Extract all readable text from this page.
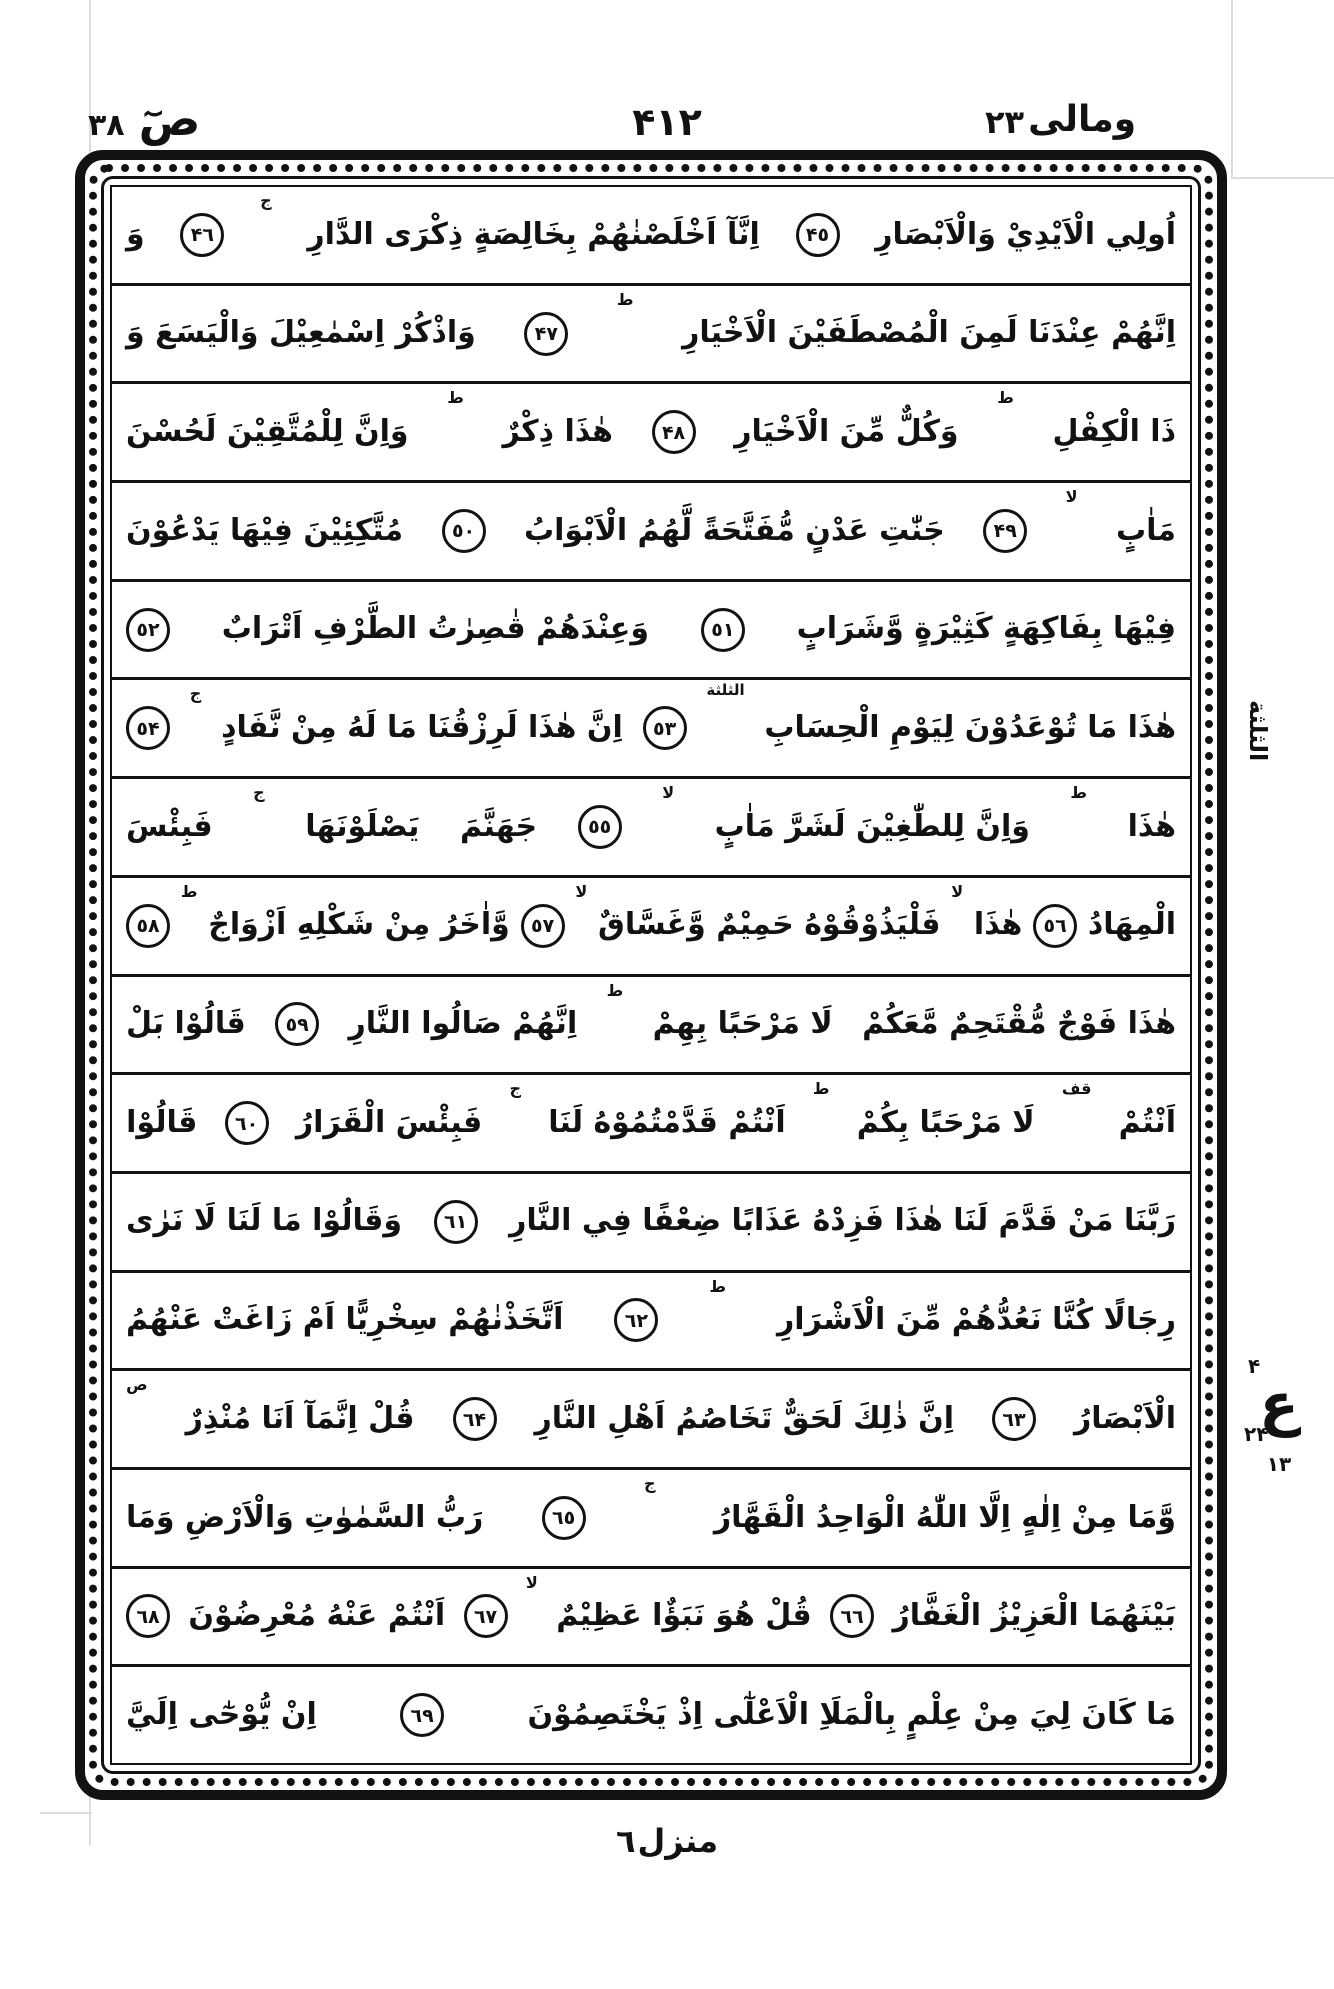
صٓ
٣٨	۴١٢	ومالى
٢٣
اُولِي الْاَيْدِيْ وَالْاَبْصَارِ
۴٥
اِنَّآ اَخْلَصْنٰهُمْ بِخَالِصَةٍ ذِكْرَى الدَّارِ
ج
۴٦
وَ
اِنَّهُمْ عِنْدَنَا لَمِنَ الْمُصْطَفَيْنَ الْاَخْيَارِ
ط
۴٧
وَاذْكُرْ اِسْمٰعِيْلَ وَالْيَسَعَ وَ
ذَا الْكِفْلِ
ط
وَكُلٌّ مِّنَ الْاَخْيَارِ
۴٨
هٰذَا ذِكْرٌ
ط
وَاِنَّ لِلْمُتَّقِيْنَ لَحُسْنَ
مَاٰبٍ
لا
۴٩
جَنّٰتِ عَدْنٍ مُّفَتَّحَةً لَّهُمُ الْاَبْوَابُ
٥٠
مُتَّكِئِيْنَ فِيْهَا يَدْعُوْنَ
فِيْهَا بِفَاكِهَةٍ كَثِيْرَةٍ وَّشَرَابٍ
٥١
وَعِنْدَهُمْ قٰصِرٰتُ الطَّرْفِ اَتْرَابٌ
٥٢
هٰذَا مَا تُوْعَدُوْنَ لِيَوْمِ الْحِسَابِ
الثلثة
٥٣
اِنَّ هٰذَا لَرِزْقُنَا مَا لَهُ مِنْ نَّفَادٍ
ج
٥۴
هٰذَا
ط
وَاِنَّ لِلطّٰغِيْنَ لَشَرَّ مَاٰبٍ
لا
٥٥
جَهَنَّمَ
يَصْلَوْنَهَا
ج
فَبِئْسَ
الْمِهَادُ
٥٦
هٰذَا
لا
فَلْيَذُوْقُوْهُ حَمِيْمٌ وَّغَسَّاقٌ
لا
٥٧
وَّاٰخَرُ مِنْ شَكْلِهِ اَزْوَاجٌ
ط
٥٨
هٰذَا فَوْجٌ مُّقْتَحِمٌ مَّعَكُمْ
لَا مَرْحَبًا بِهِمْ
ط
اِنَّهُمْ صَالُوا النَّارِ
٥٩
قَالُوْا بَلْ
اَنْتُمْ
قف
لَا مَرْحَبًا بِكُمْ
ط
اَنْتُمْ قَدَّمْتُمُوْهُ لَنَا
ج
فَبِئْسَ الْقَرَارُ
٦٠
قَالُوْا
رَبَّنَا مَنْ قَدَّمَ لَنَا هٰذَا فَزِدْهُ عَذَابًا ضِعْفًا فِي النَّارِ
٦١
وَقَالُوْا مَا لَنَا لَا نَرٰى
رِجَالًا كُنَّا نَعُدُّهُمْ مِّنَ الْاَشْرَارِ
ط
٦٢
اَتَّخَذْنٰهُمْ سِخْرِيًّا اَمْ زَاغَتْ عَنْهُمُ
الْاَبْصَارُ
٦٣
اِنَّ ذٰلِكَ لَحَقٌّ تَخَاصُمُ اَهْلِ النَّارِ
٦۴
قُلْ اِنَّمَآ اَنَا مُنْذِرٌ
ص
وَّمَا مِنْ اِلٰهٍ اِلَّا اللّٰهُ الْوَاحِدُ الْقَهَّارُ
ج
٦٥
رَبُّ السَّمٰوٰتِ وَالْاَرْضِ وَمَا
بَيْنَهُمَا الْعَزِيْزُ الْغَفَّارُ
٦٦
قُلْ هُوَ نَبَؤٌا عَظِيْمٌ
لا
٦٧
اَنْتُمْ عَنْهُ مُعْرِضُوْنَ
٦٨
مَا كَانَ لِيَ مِنْ عِلْمٍ بِالْمَلَاِ الْاَعْلٰٓى اِذْ يَخْتَصِمُوْنَ
٦٩
اِنْ يُّوْحٰٓى اِلَيَّ
الثلثة
۴
ع
٢۴
١٣
منزل٦
